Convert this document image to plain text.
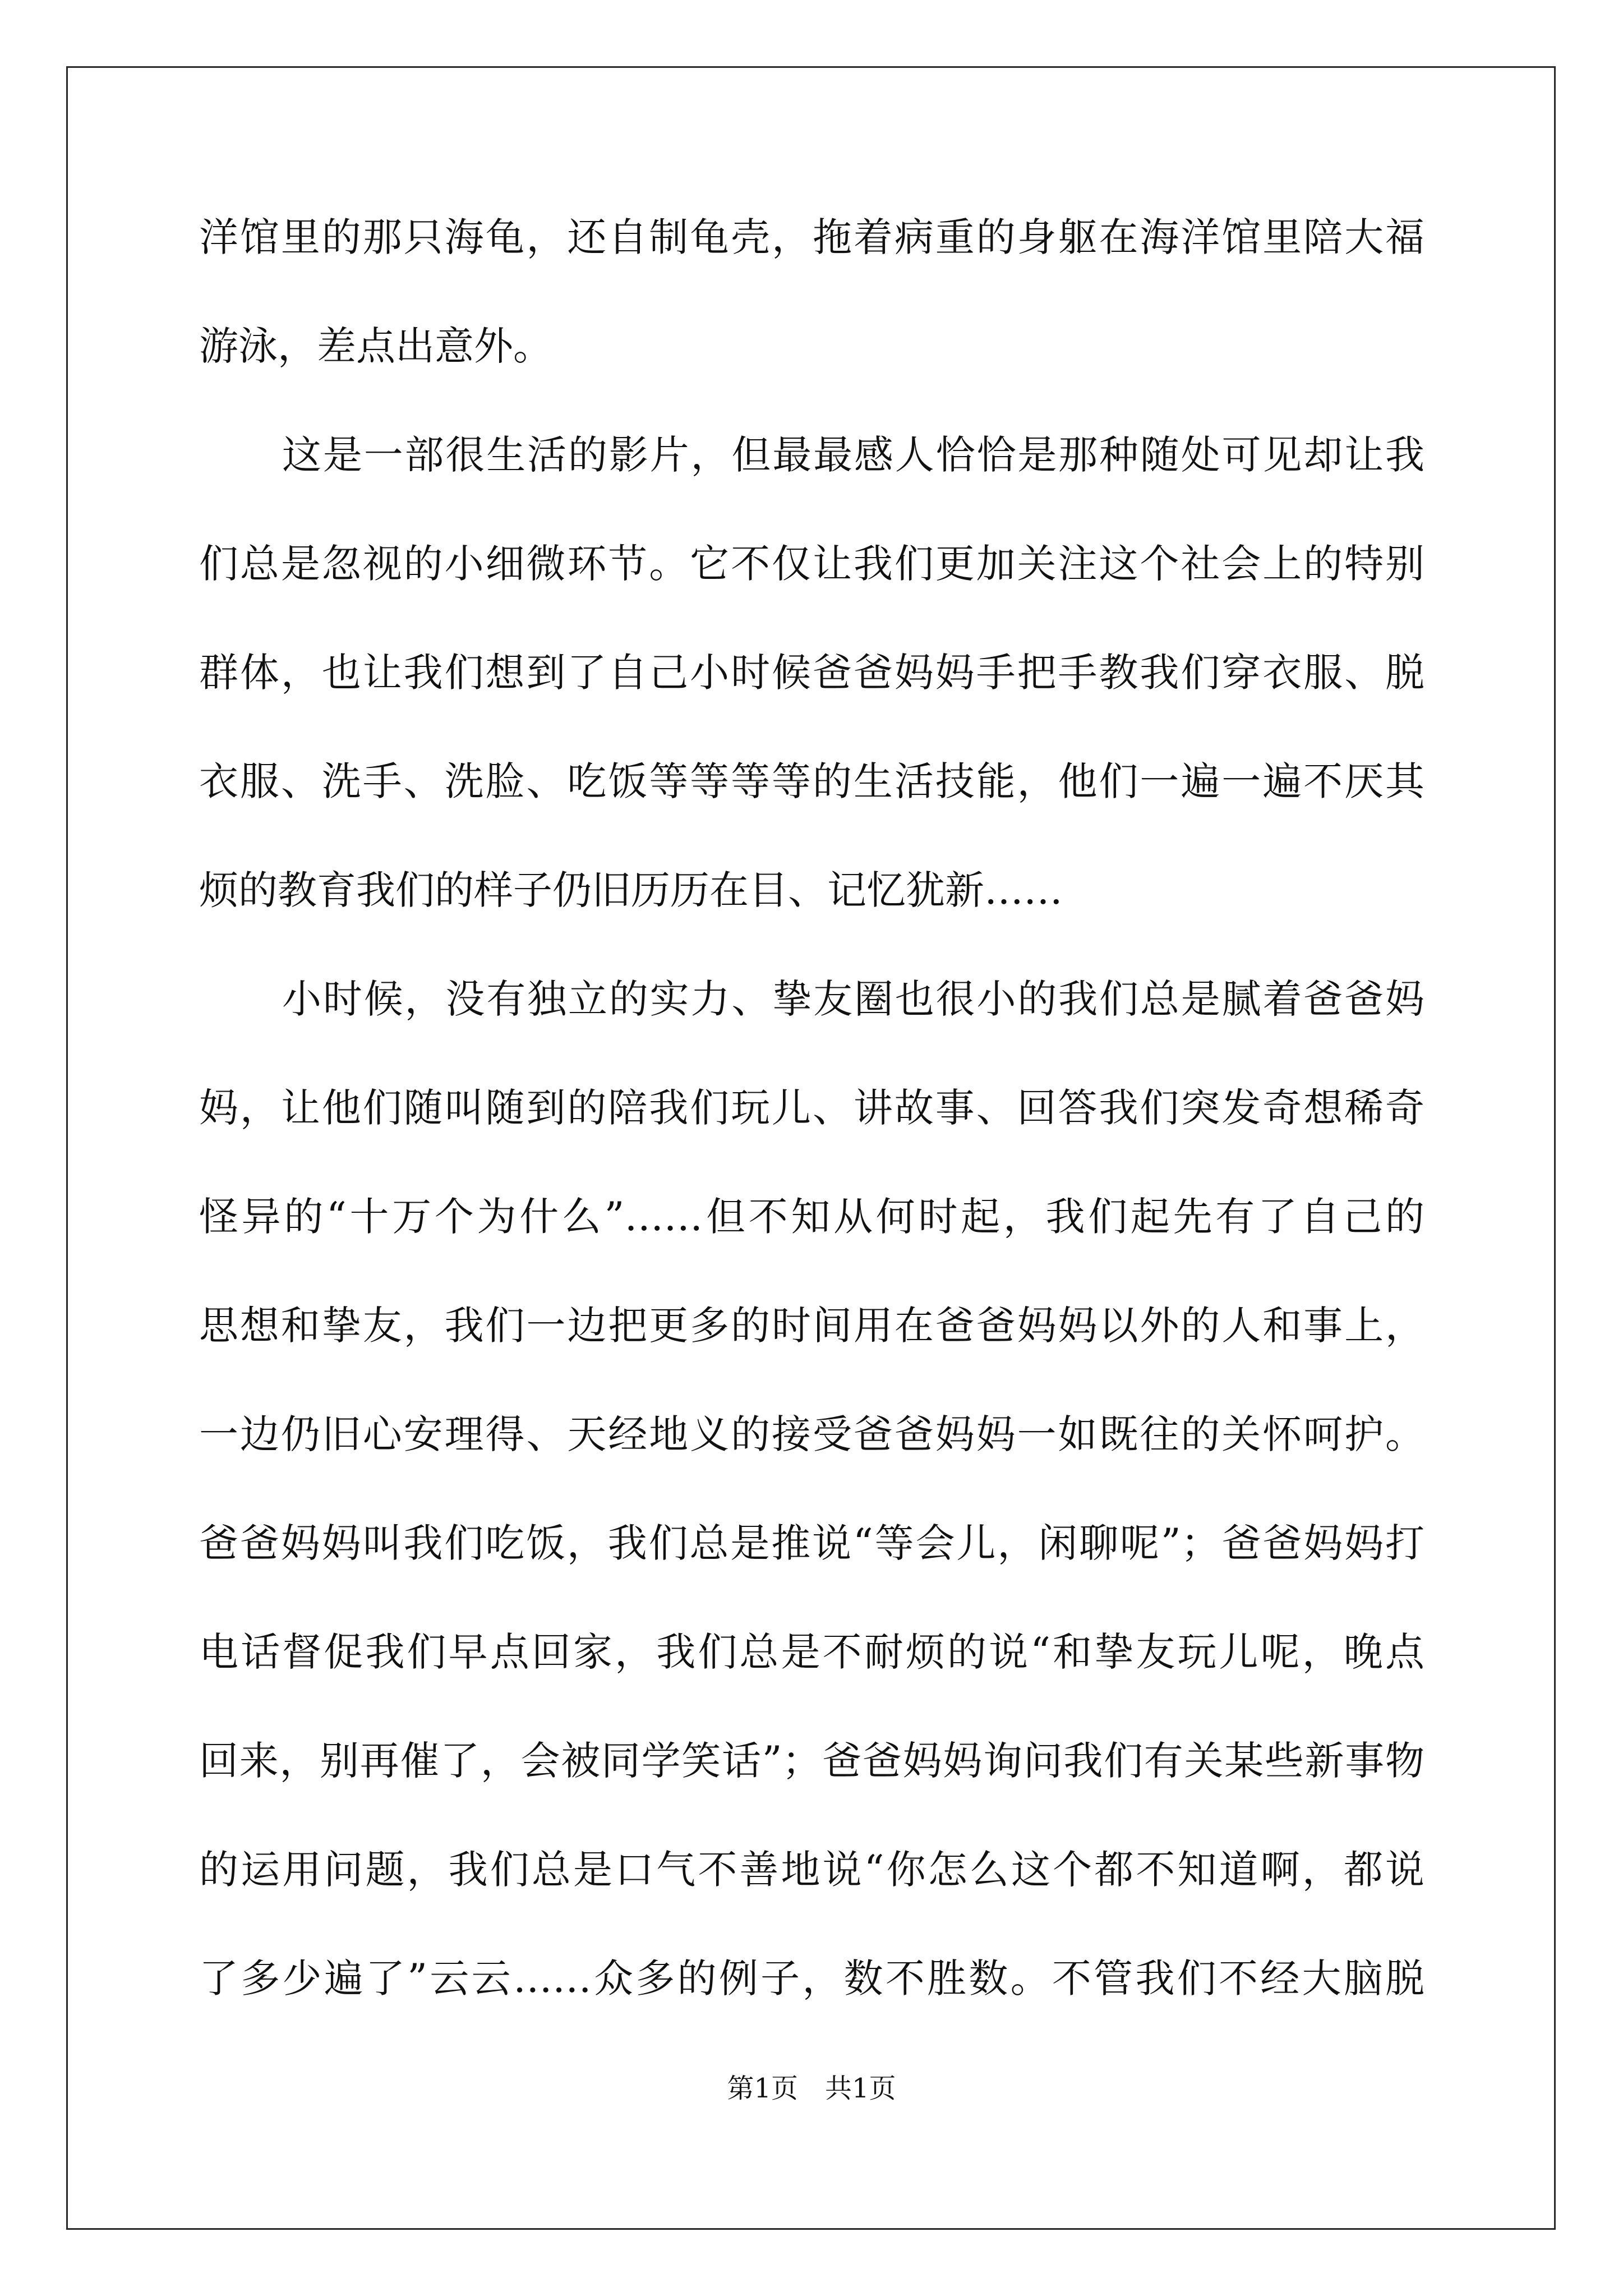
洋馆里的那只海龟，还自制龟壳，拖着病重的身躯在海洋馆里陪大福
游泳，差点出意外。
这是一部很生活的影片，但最最感人恰恰是那种随处可见却让我
们总是忽视的小细微环节。它不仅让我们更加关注这个社会上的特别
群体，也让我们想到了自己小时候爸爸妈妈手把手教我们穿衣服、脱
衣服、洗手、洗脸、吃饭等等等等的生活技能，他们一遍一遍不厌其
烦的教育我们的样子仍旧历历在目、记忆犹新……
小时候，没有独立的实力、挚友圈也很小的我们总是腻着爸爸妈
妈，让他们随叫随到的陪我们玩儿、讲故事、回答我们突发奇想稀奇
怪异的“十万个为什么”……但不知从何时起，我们起先有了自己的
思想和挚友，我们一边把更多的时间用在爸爸妈妈以外的人和事上，
一边仍旧心安理得、天经地义的接受爸爸妈妈一如既往的关怀呵护。
爸爸妈妈叫我们吃饭，我们总是推说“等会儿，闲聊呢”；爸爸妈妈打
电话督促我们早点回家，我们总是不耐烦的说“和挚友玩儿呢，晚点
回来，别再催了，会被同学笑话”；爸爸妈妈询问我们有关某些新事物
的运用问题，我们总是口气不善地说“你怎么这个都不知道啊，都说
了多少遍了”云云……众多的例子，数不胜数。不管我们不经大脑脱
第1页 共1页
